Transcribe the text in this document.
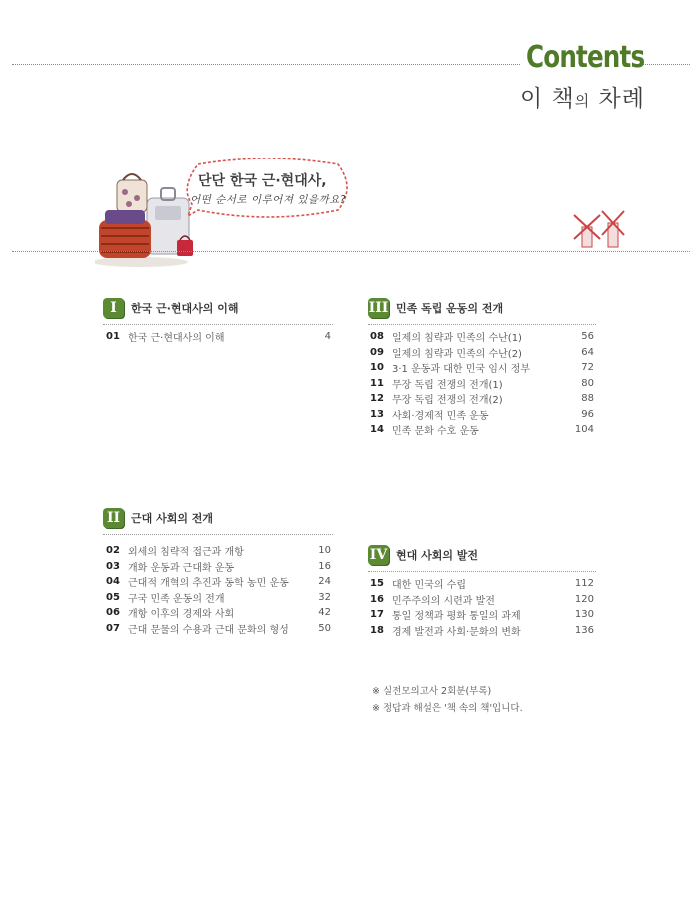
Contents
이 책의 차례
단단 한국 근·현대사,
어떤 순서로 이루어져 있을까요?
I	한국 근·현대사의 이해
01 한국 근·현대사의 이해	4
III 민족 독립 운동의 전개
08 일제의 침략과 민족의 수난(1)	56
09 일제의 침략과 민족의 수난(2)	64
10 3·1 운동과 대한 민국 임시 정부	72
11 무장 독립 전쟁의 전개(1)	80
12 무장 독립 전쟁의 전개(2)	88
13 사회·경제적 민족 운동	96
14 민족 문화 수호 운동	104
II 근대 사회의 전개
02 외세의 침략적 접근과 개항	10
03 개화 운동과 근대화 운동	16
04 근대적 개혁의 추진과 동학 농민 운동	24
05 구국 민족 운동의 전개	32
06 개항 이후의 경제와 사회	42
07 근대 문물의 수용과 근대 문화의 형성	50
IV 현대 사회의 발전
15 대한 민국의 수립	112
16 민주주의의 시련과 발전	120
17 통일 정책과 평화 통일의 과제	130
18 경제 발전과 사회·문화의 변화	136
※ 실전모의고사 2회분(부록)
※ 정답과 해설은 '책 속의 책'입니다.
